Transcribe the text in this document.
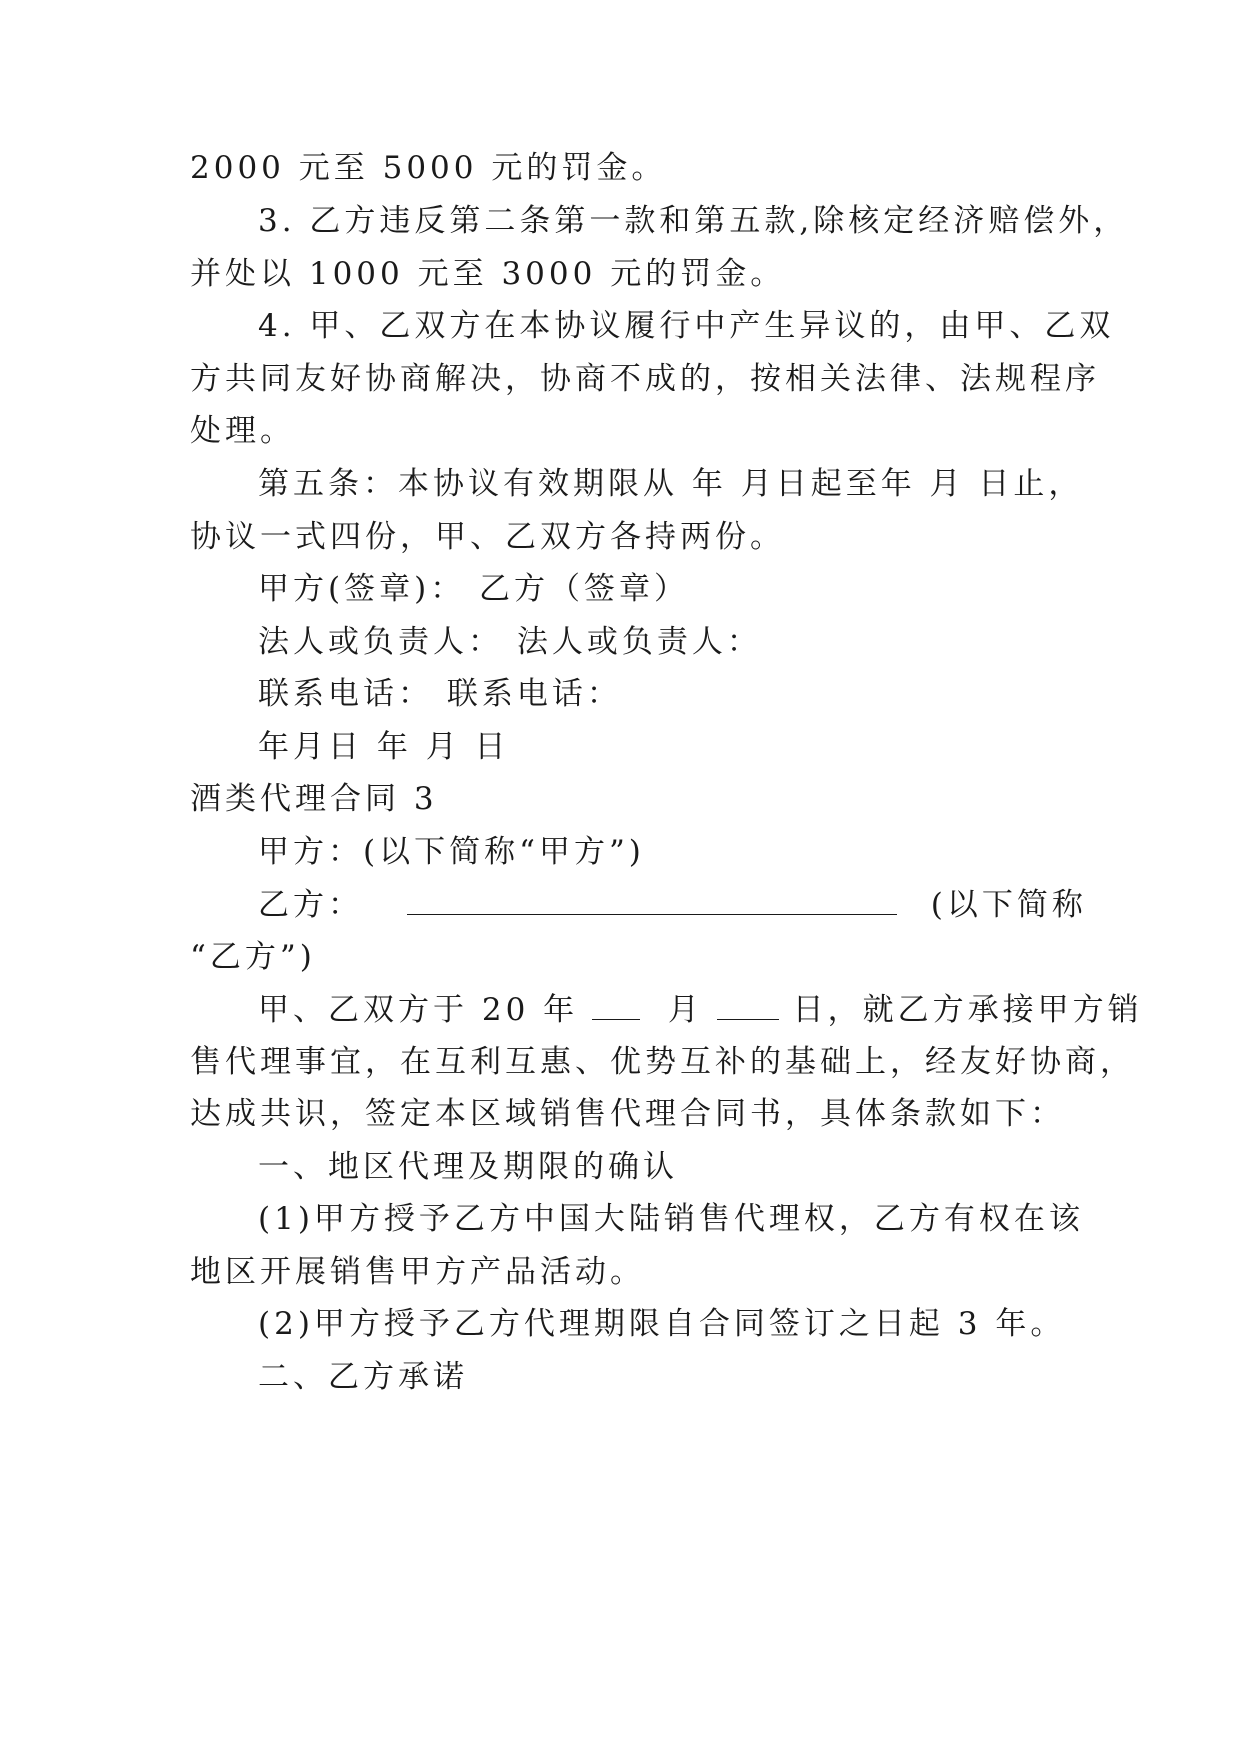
2000 元至 5000 元的罚金。
3. 乙方违反第二条第一款和第五款,除核定经济赔偿外，
并处以 1000 元至 3000 元的罚金。
4. 甲、乙双方在本协议履行中产生异议的，由甲、乙双
方共同友好协商解决，协商不成的，按相关法律、法规程序
处理。
第五条：本协议有效期限从 年 月日起至年 月 日止，
协议一式四份，甲、乙双方各持两份。
甲方(签章)： 乙方（签章）
法人或负责人： 法人或负责人：
联系电话： 联系电话：
年月日 年 月 日
酒类代理合同 3
甲方：(以下简称“甲方”)
乙方：	(以下简称
“乙方”)
甲、乙双方于 20 年	月	日，就乙方承接甲方销
售代理事宜，在互利互惠、优势互补的基础上，经友好协商，
达成共识，签定本区域销售代理合同书，具体条款如下：
一、地区代理及期限的确认
(1)甲方授予乙方中国大陆销售代理权，乙方有权在该
地区开展销售甲方产品活动。
(2)甲方授予乙方代理期限自合同签订之日起 3 年。
二、乙方承诺
